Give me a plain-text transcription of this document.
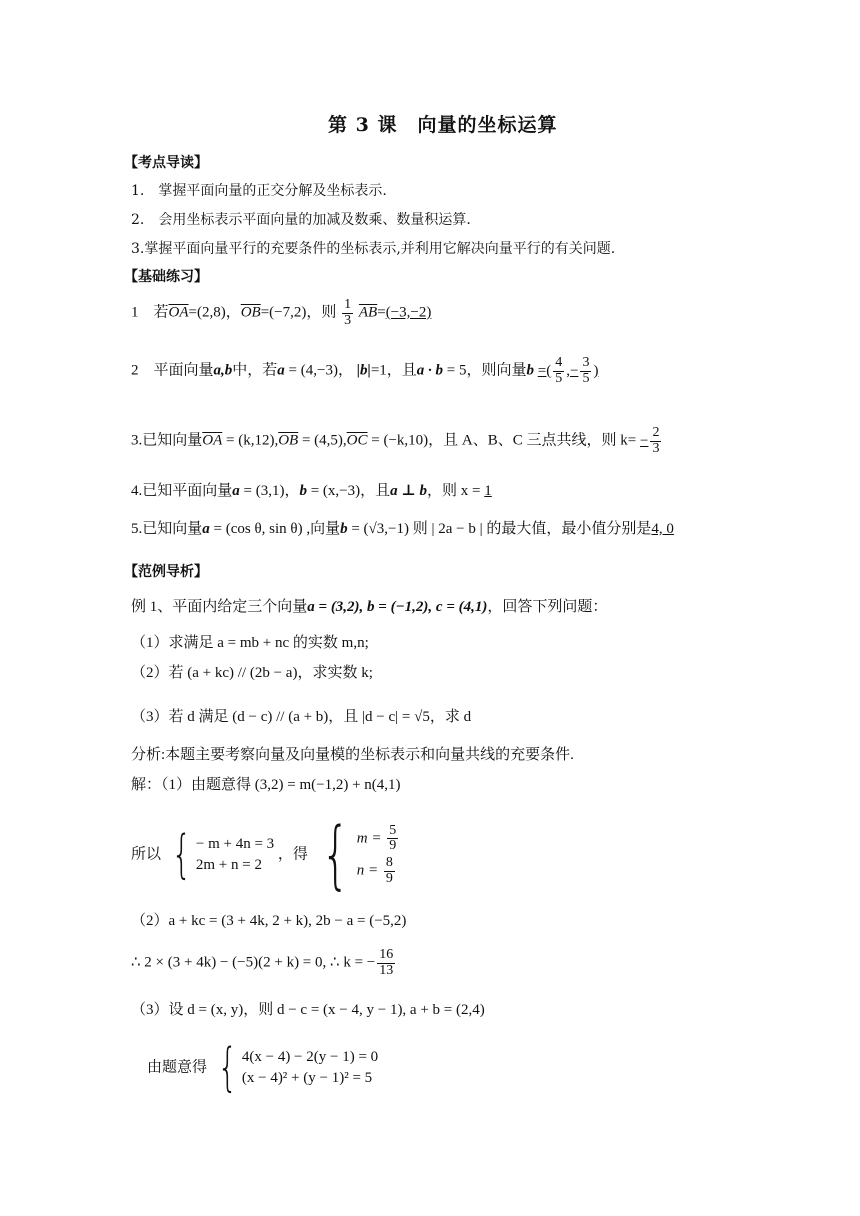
第 3 课　向量的坐标运算
【考点导读】
1.　掌握平面向量的正交分解及坐标表示.
2.　会用坐标表示平面向量的加减及数乘、数量积运算.
3.掌握平面向量平行的充要条件的坐标表示,并利用它解决向量平行的有关问题.
【基础练习】
1　若$\overline{OA}=(2,8)$，$\overline{OB}=(-7,2)$，则 $\frac{1}{3} \overline{AB}=(-3,-2)$
2　平面向量a,b中，若a = (4,−3)， |b|=1，且a · b = 5，则向量b =( $\frac{4}{5}$ ,− $\frac{3}{5}$ )
3.已知向量$\overline{OA} = (k,12),\overline{OB} = (4,5),\overline{OC} = (-k,10)$，且 A、B、C 三点共线，则 $k= - \frac{2}{3}$
4.已知平面向量a = (3,1)，b = (x,−3)，且a ⊥ b，则 x = 1
5.已知向量a = (cos θ, sin θ) ,向量b = (√3,−1) 则 | 2a − b | 的最大值，最小值分别是4, 0
【范例导析】
例 1、平面内给定三个向量a = (3,2), b = (−1,2), c = (4,1)，回答下列问题：
（1）求满足 a = mb + nc 的实数 m,n;
（2）若 (a + kc) // (2b − a)，求实数 k;
（3）若 d 满足 (d − c) // (a + b)，且 |d − c| = √5，求 d
分析:本题主要考察向量及向量模的坐标表示和向量共线的充要条件.
解：（1）由题意得 (3,2) = m(−1,2) + n(4,1)
所以 { − m + 4n = 3
2m + n = 2
，得 { $m = \frac{5}{9}$
$n = \frac{8}{9}$
（2）a + kc = (3 + 4k, 2 + k), 2b − a = (−5,2)
∴ 2 × (3 + 4k) − (−5)(2 + k) = 0, ∴ k = − $\frac{16}{13}$
（3）设 d = (x, y)，则 d − c = (x − 4, y − 1), a + b = (2,4)
由题意得 { 4(x − 4) − 2(y − 1) = 0
(x − 4)² + (y − 1)² = 5
